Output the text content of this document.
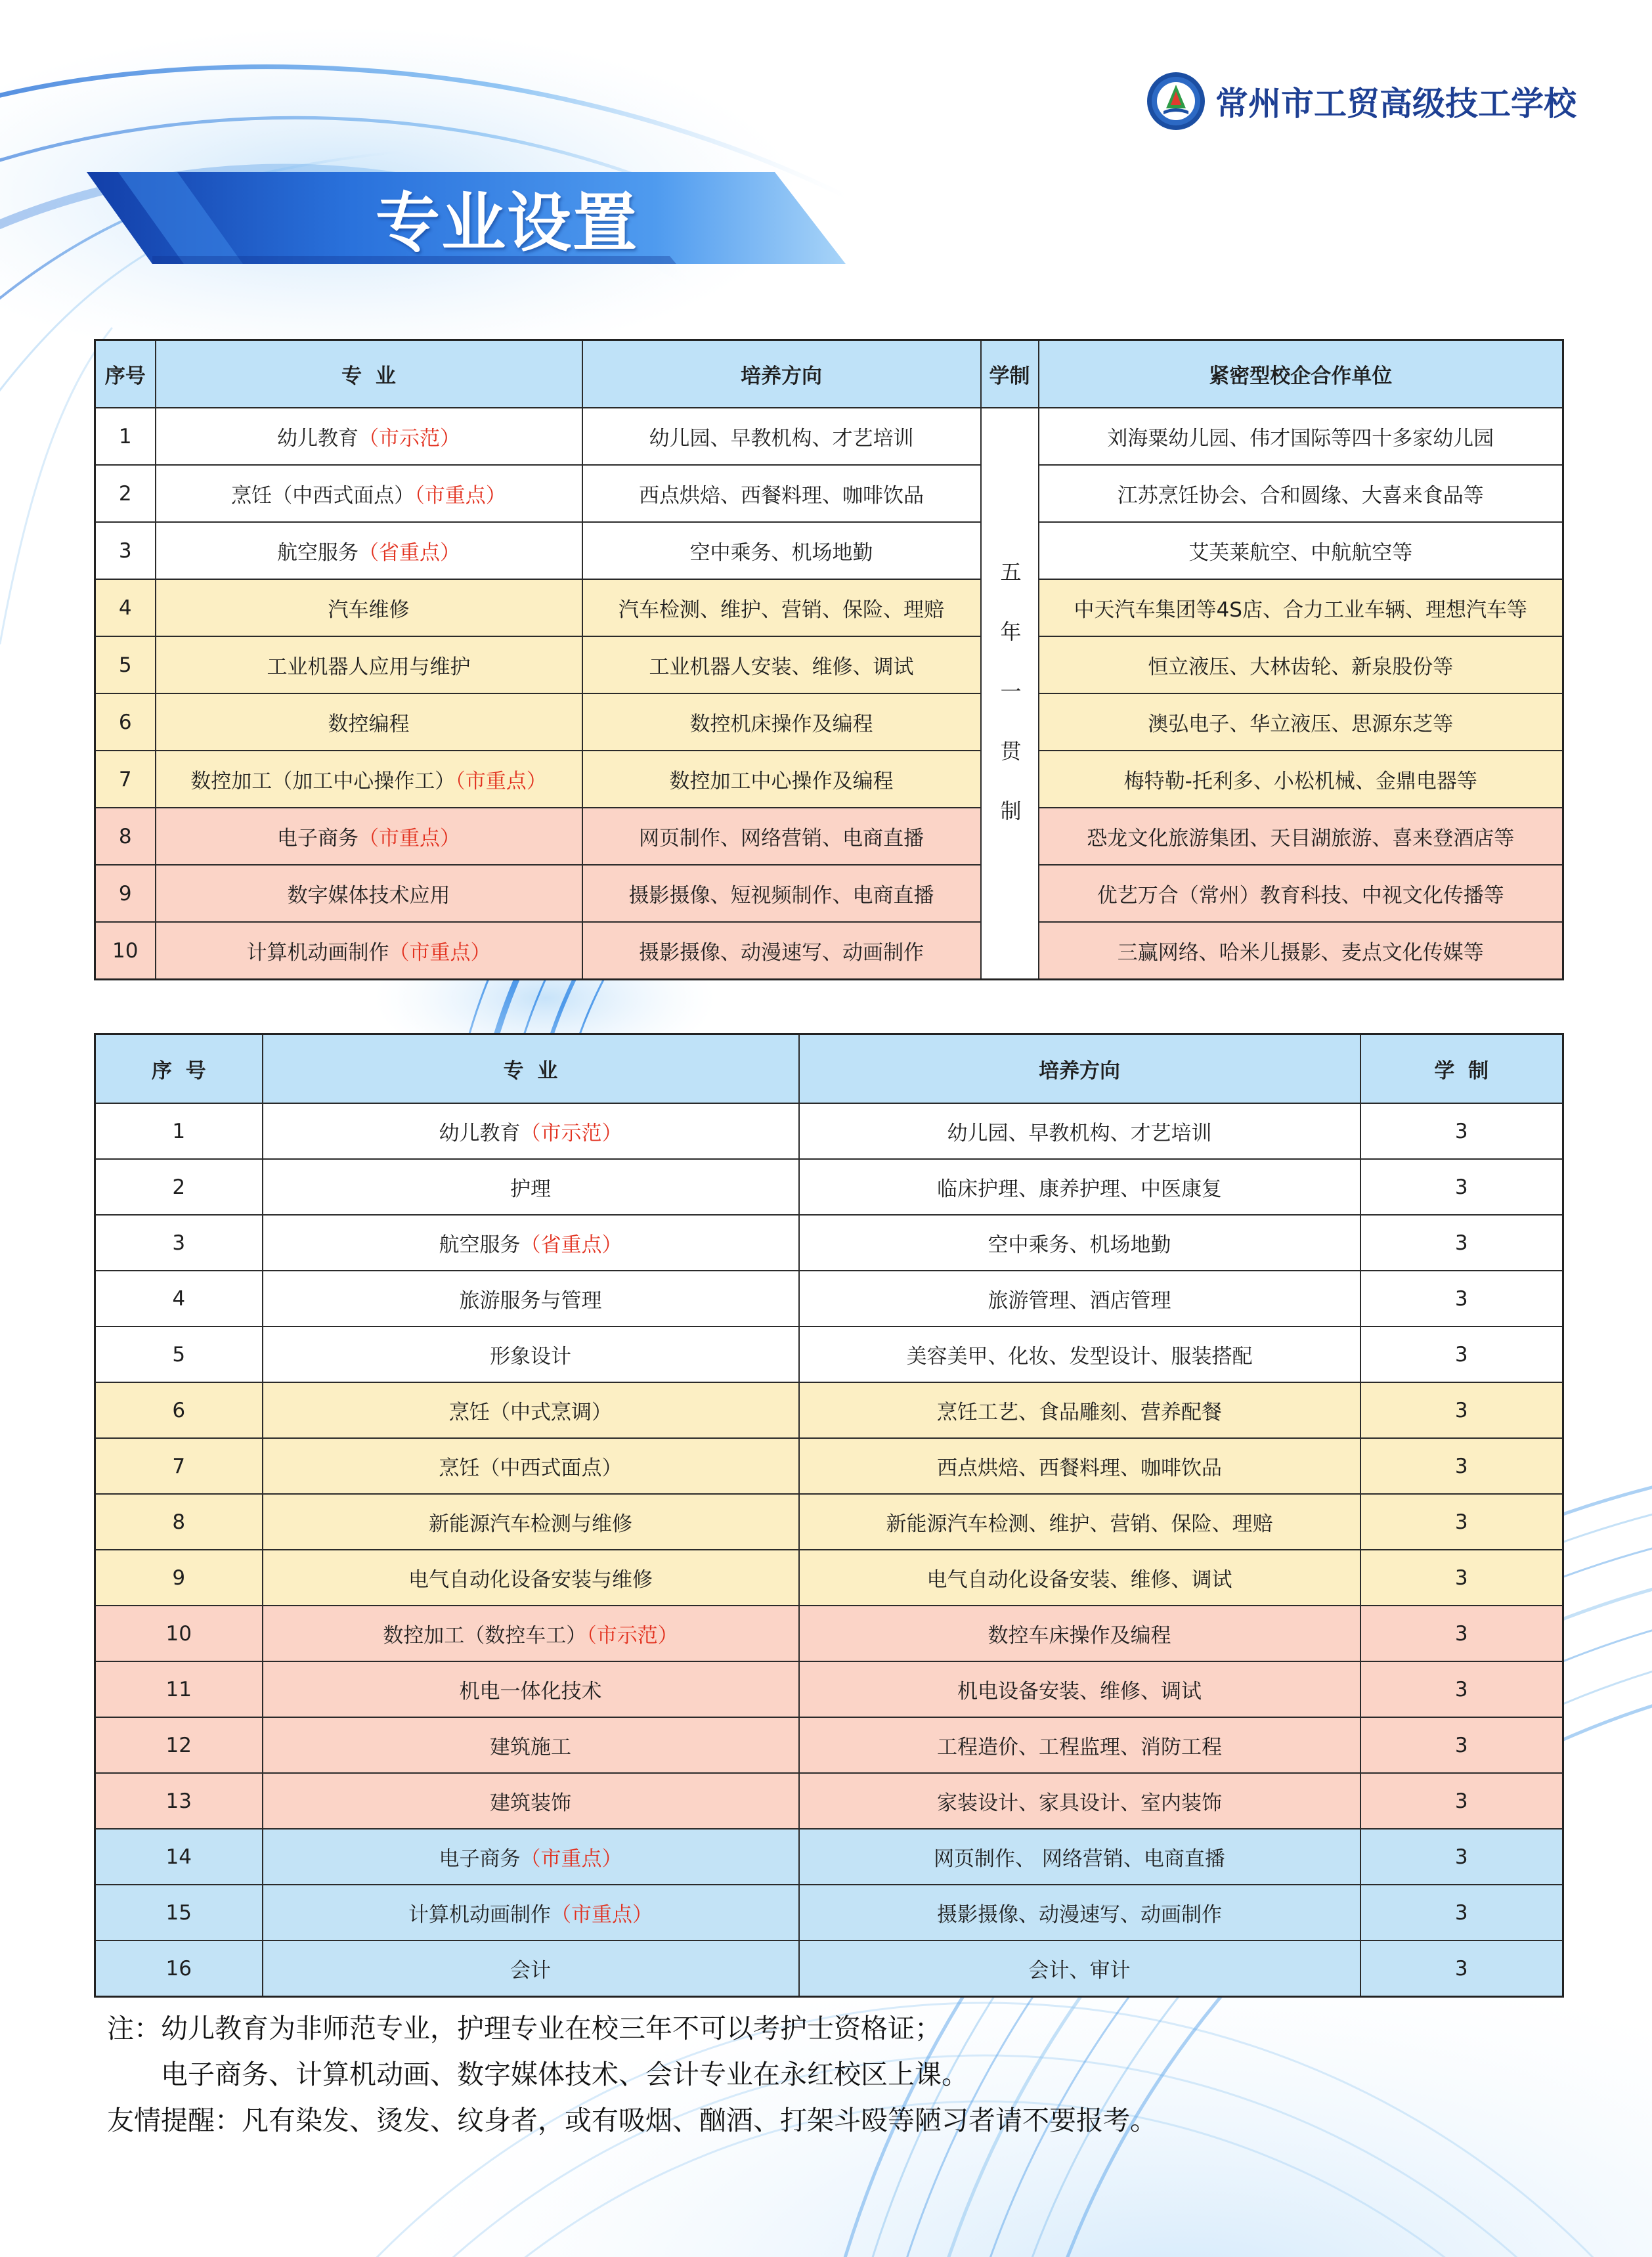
常州市工贸高级技工学校
专业设置
序号	专 业	培养方向	学制	紧密型校企合作单位
1	幼儿教育（市示范）	幼儿园、早教机构、才艺培训	五年一贯制	刘海粟幼儿园、伟才国际等四十多家幼儿园
2	烹饪（中西式面点）（市重点）	西点烘焙、西餐料理、咖啡饮品		江苏烹饪协会、合和圆缘、大喜来食品等
3	航空服务（省重点）	空中乘务、机场地勤		艾芙莱航空、中航航空等
4	汽车维修	汽车检测、维护、营销、保险、理赔		中天汽车集团等4S店、合力工业车辆、理想汽车等
5	工业机器人应用与维护	工业机器人安装、维修、调试		恒立液压、大林齿轮、新泉股份等
6	数控编程	数控机床操作及编程		澳弘电子、华立液压、思源东芝等
7	数控加工（加工中心操作工）（市重点）	数控加工中心操作及编程		梅特勒-托利多、小松机械、金鼎电器等
8	电子商务（市重点）	网页制作、网络营销、电商直播		恐龙文化旅游集团、天目湖旅游、喜来登酒店等
9	数字媒体技术应用	摄影摄像、短视频制作、电商直播		优艺万合（常州）教育科技、中视文化传播等
10	计算机动画制作（市重点）	摄影摄像、动漫速写、动画制作		三赢网络、哈米儿摄影、麦点文化传媒等
序 号	专 业	培养方向	学 制
1	幼儿教育（市示范）	幼儿园、早教机构、才艺培训	3
2	护理	临床护理、康养护理、中医康复	3
3	航空服务（省重点）	空中乘务、机场地勤	3
4	旅游服务与管理	旅游管理、酒店管理	3
5	形象设计	美容美甲、化妆、发型设计、服装搭配	3
6	烹饪（中式烹调）	烹饪工艺、食品雕刻、营养配餐	3
7	烹饪（中西式面点）	西点烘焙、西餐料理、咖啡饮品	3
8	新能源汽车检测与维修	新能源汽车检测、维护、营销、保险、理赔	3
9	电气自动化设备安装与维修	电气自动化设备安装、维修、调试	3
10	数控加工（数控车工）（市示范）	数控车床操作及编程	3
11	机电一体化技术	机电设备安装、维修、调试	3
12	建筑施工	工程造价、工程监理、消防工程	3
13	建筑装饰	家装设计、家具设计、室内装饰	3
14	电子商务（市重点）	网页制作、 网络营销、电商直播	3
15	计算机动画制作（市重点）	摄影摄像、动漫速写、动画制作	3
16	会计	会计、审计	3
注：幼儿教育为非师范专业，护理专业在校三年不可以考护士资格证；
电子商务、计算机动画、数字媒体技术、会计专业在永红校区上课。
友情提醒：凡有染发、烫发、纹身者，或有吸烟、酗酒、打架斗殴等陋习者请不要报考。
